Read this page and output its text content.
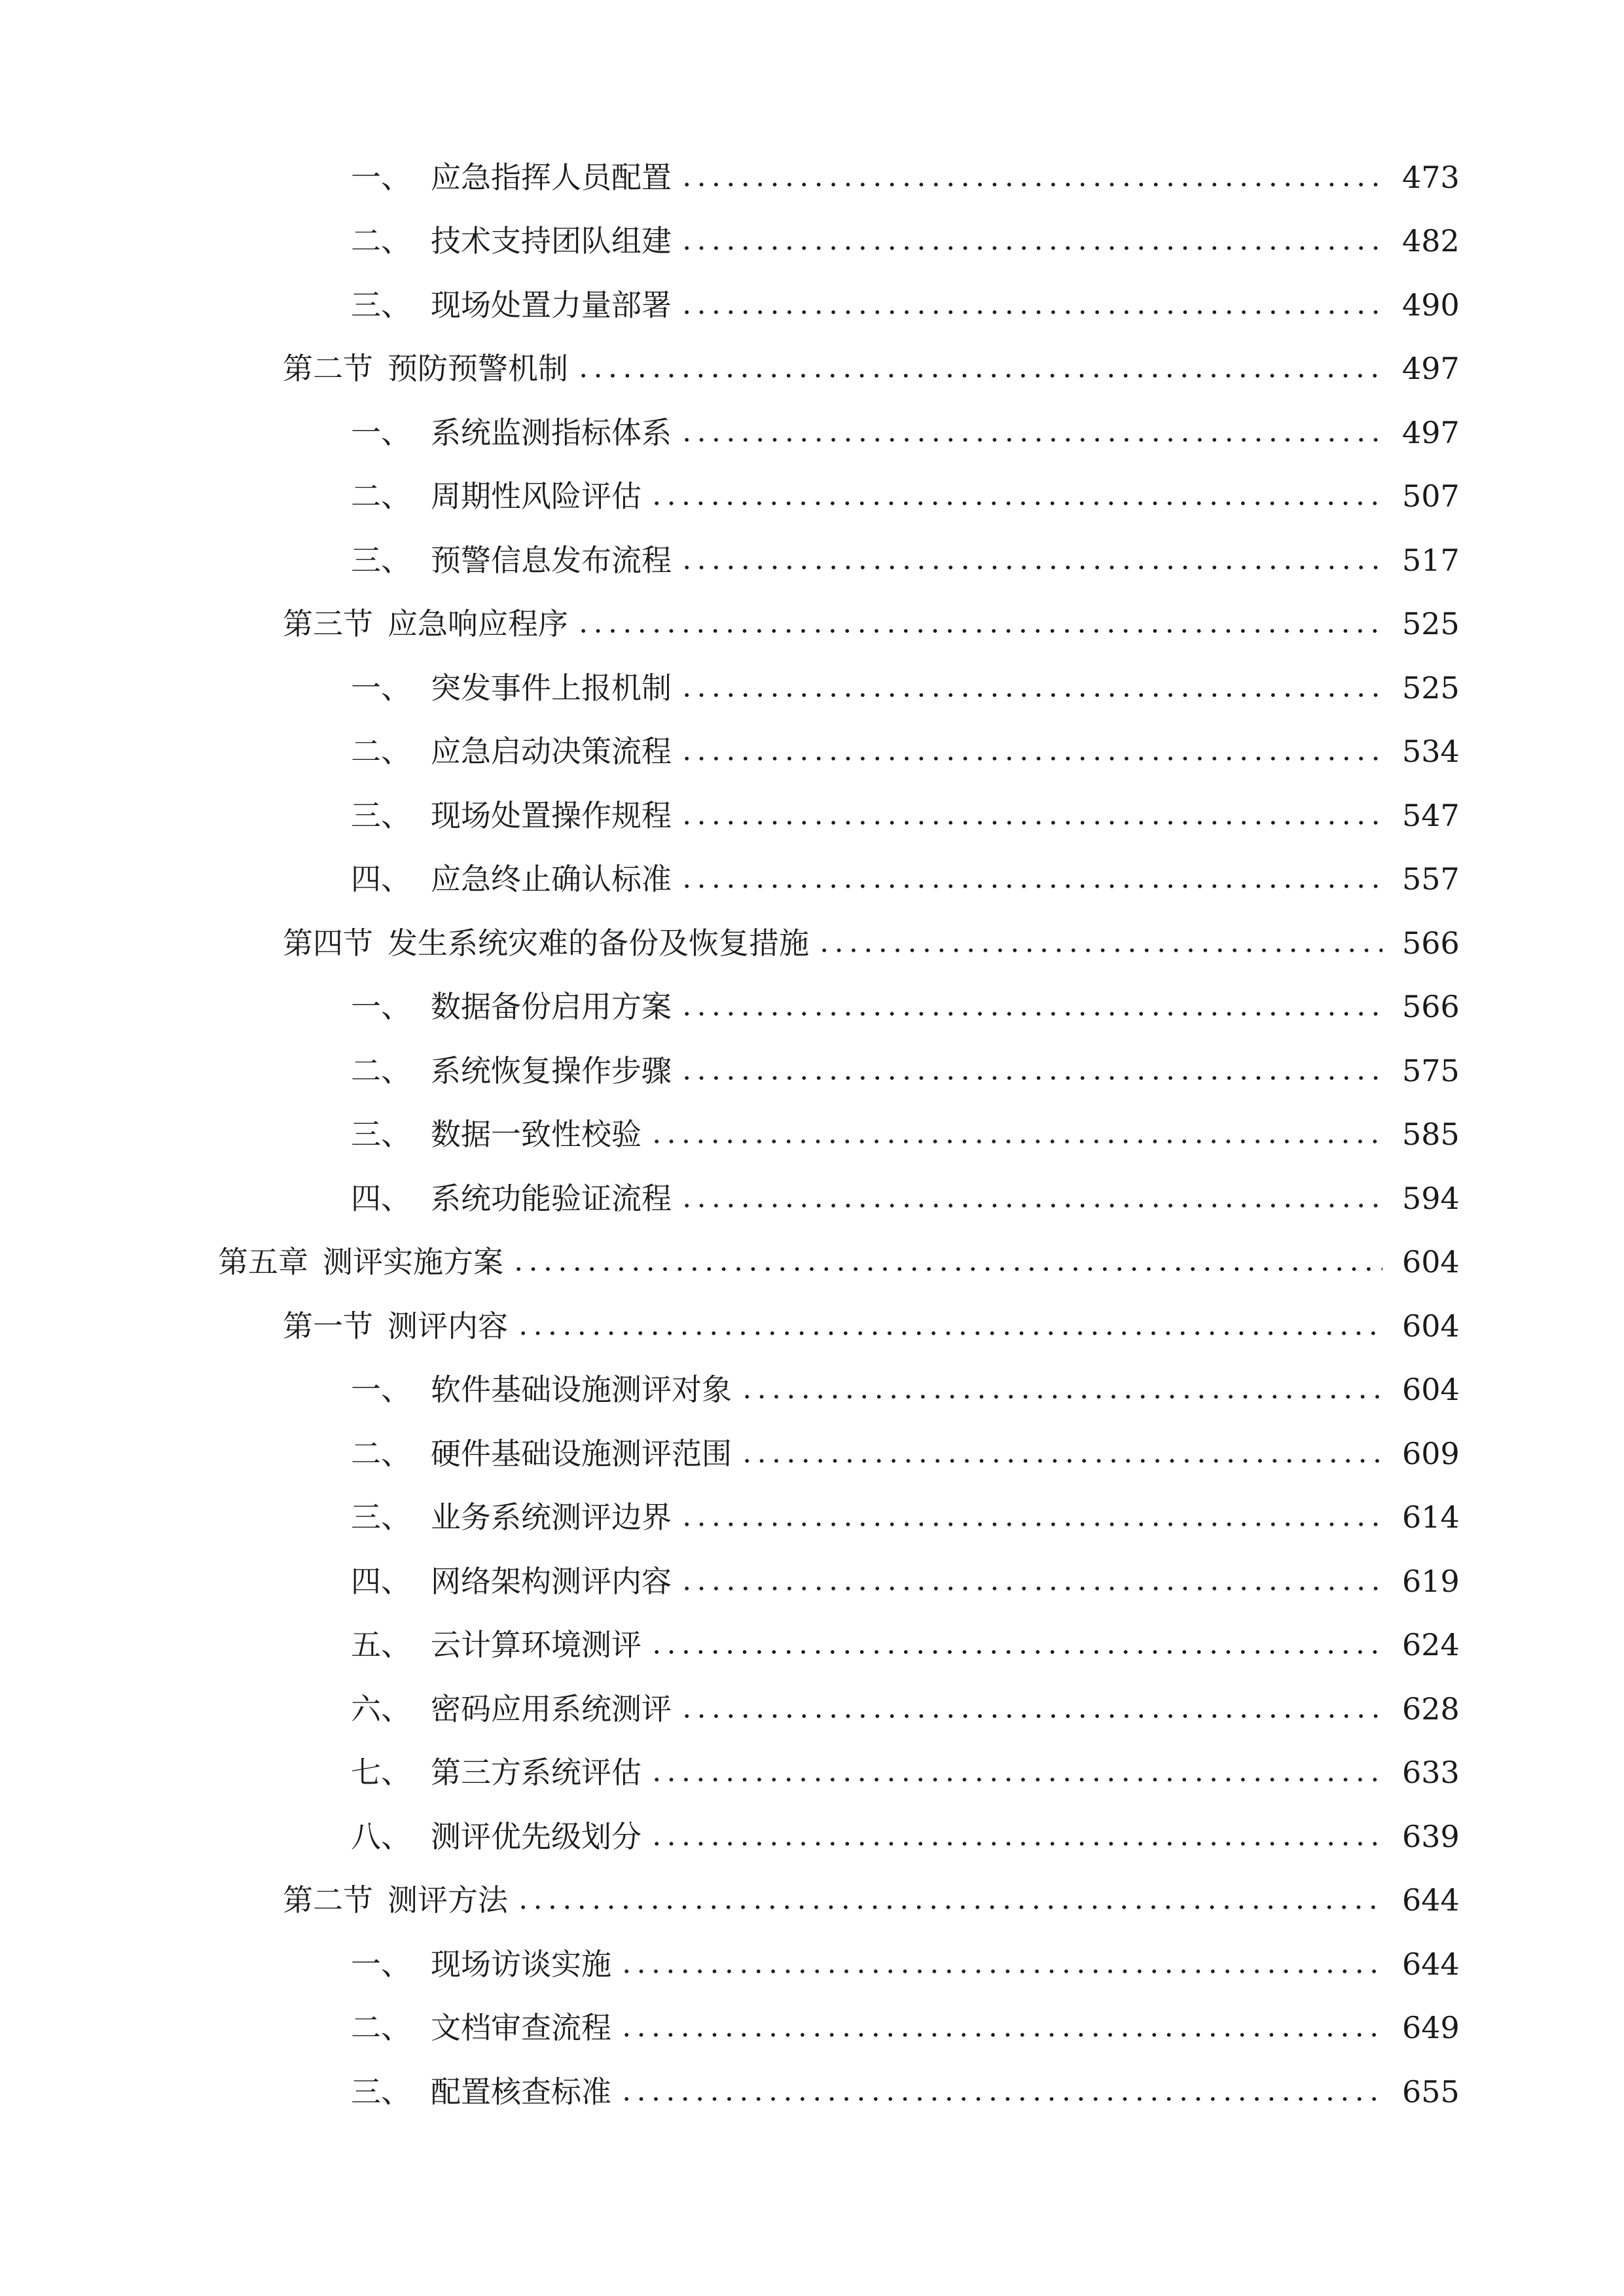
一、 应急指挥人员配置	473
二、 技术支持团队组建	482
三、 现场处置力量部署	490
第二节 预防预警机制	497
一、 系统监测指标体系	497
二、 周期性风险评估	507
三、 预警信息发布流程	517
第三节 应急响应程序	525
一、 突发事件上报机制	525
二、 应急启动决策流程	534
三、 现场处置操作规程	547
四、 应急终止确认标准	557
第四节 发生系统灾难的备份及恢复措施	566
一、 数据备份启用方案	566
二、 系统恢复操作步骤	575
三、 数据一致性校验	585
四、 系统功能验证流程	594
第五章 测评实施方案	604
第一节 测评内容	604
一、 软件基础设施测评对象	604
二、 硬件基础设施测评范围	609
三、 业务系统测评边界	614
四、 网络架构测评内容	619
五、 云计算环境测评	624
六、 密码应用系统测评	628
七、 第三方系统评估	633
八、 测评优先级划分	639
第二节 测评方法	644
一、 现场访谈实施	644
二、 文档审查流程	649
三、 配置核查标准	655
